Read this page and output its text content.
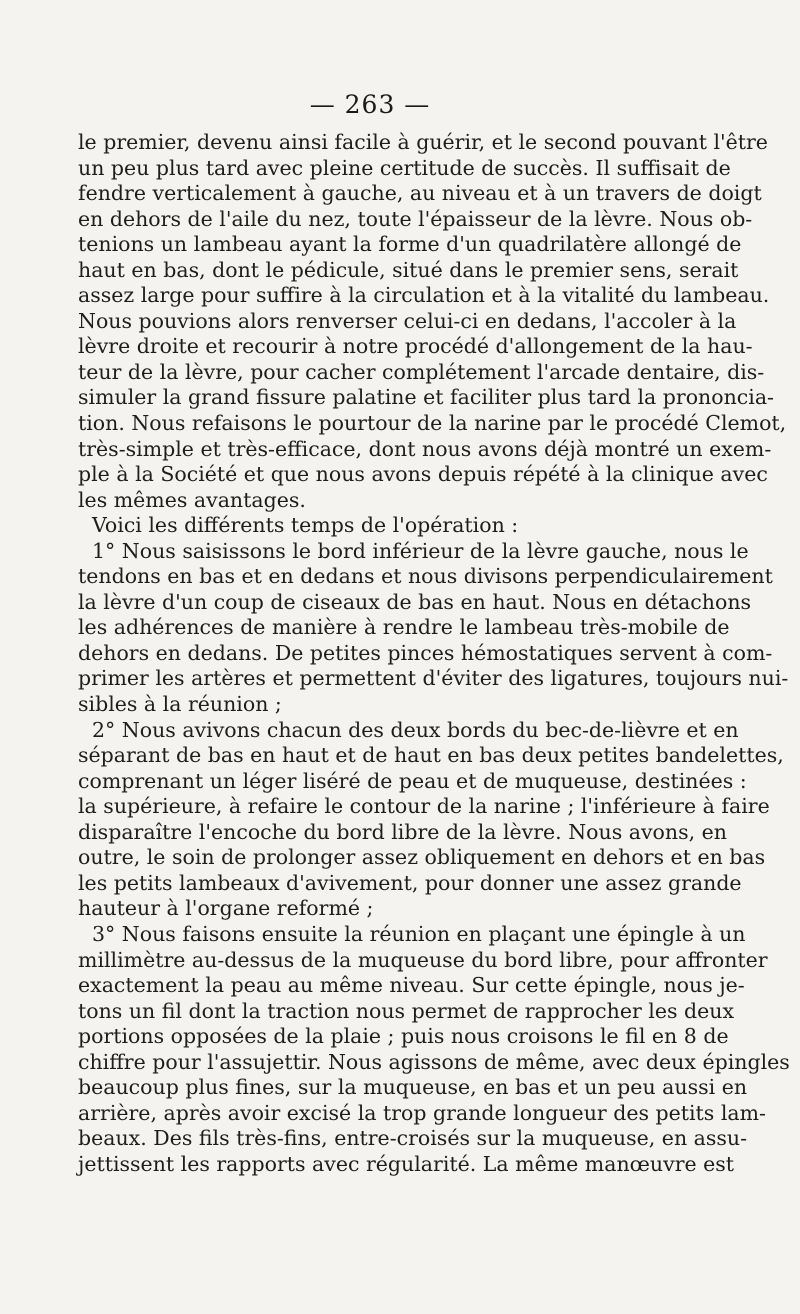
— 263 —
le premier, devenu ainsi facile à guérir, et le second pouvant l'être
un peu plus tard avec pleine certitude de succès. Il suffisait de
fendre verticalement à gauche, au niveau et à un travers de doigt
en dehors de l'aile du nez, toute l'épaisseur de la lèvre. Nous ob-
tenions un lambeau ayant la forme d'un quadrilatère allongé de
haut en bas, dont le pédicule, situé dans le premier sens, serait
assez large pour suffire à la circulation et à la vitalité du lambeau.
Nous pouvions alors renverser celui-ci en dedans, l'accoler à la
lèvre droite et recourir à notre procédé d'allongement de la hau-
teur de la lèvre, pour cacher complétement l'arcade dentaire, dis-
simuler la grand fissure palatine et faciliter plus tard la prononcia-
tion. Nous refaisons le pourtour de la narine par le procédé Clemot,
très-simple et très-efficace, dont nous avons déjà montré un exem-
ple à la Société et que nous avons depuis répété à la clinique avec
les mêmes avantages.
Voici les différents temps de l'opération :
1° Nous saisissons le bord inférieur de la lèvre gauche, nous le
tendons en bas et en dedans et nous divisons perpendiculairement
la lèvre d'un coup de ciseaux de bas en haut. Nous en détachons
les adhérences de manière à rendre le lambeau très-mobile de
dehors en dedans. De petites pinces hémostatiques servent à com-
primer les artères et permettent d'éviter des ligatures, toujours nui-
sibles à la réunion ;
2° Nous avivons chacun des deux bords du bec-de-lièvre et en
séparant de bas en haut et de haut en bas deux petites bandelettes,
comprenant un léger liséré de peau et de muqueuse, destinées :
la supérieure, à refaire le contour de la narine ; l'inférieure à faire
disparaître l'encoche du bord libre de la lèvre. Nous avons, en
outre, le soin de prolonger assez obliquement en dehors et en bas
les petits lambeaux d'avivement, pour donner une assez grande
hauteur à l'organe reformé ;
3° Nous faisons ensuite la réunion en plaçant une épingle à un
millimètre au-dessus de la muqueuse du bord libre, pour affronter
exactement la peau au même niveau. Sur cette épingle, nous je-
tons un fil dont la traction nous permet de rapprocher les deux
portions opposées de la plaie ; puis nous croisons le fil en 8 de
chiffre pour l'assujettir. Nous agissons de même, avec deux épingles
beaucoup plus fines, sur la muqueuse, en bas et un peu aussi en
arrière, après avoir excisé la trop grande longueur des petits lam-
beaux. Des fils très-fins, entre-croisés sur la muqueuse, en assu-
jettissent les rapports avec régularité. La même manœuvre est
